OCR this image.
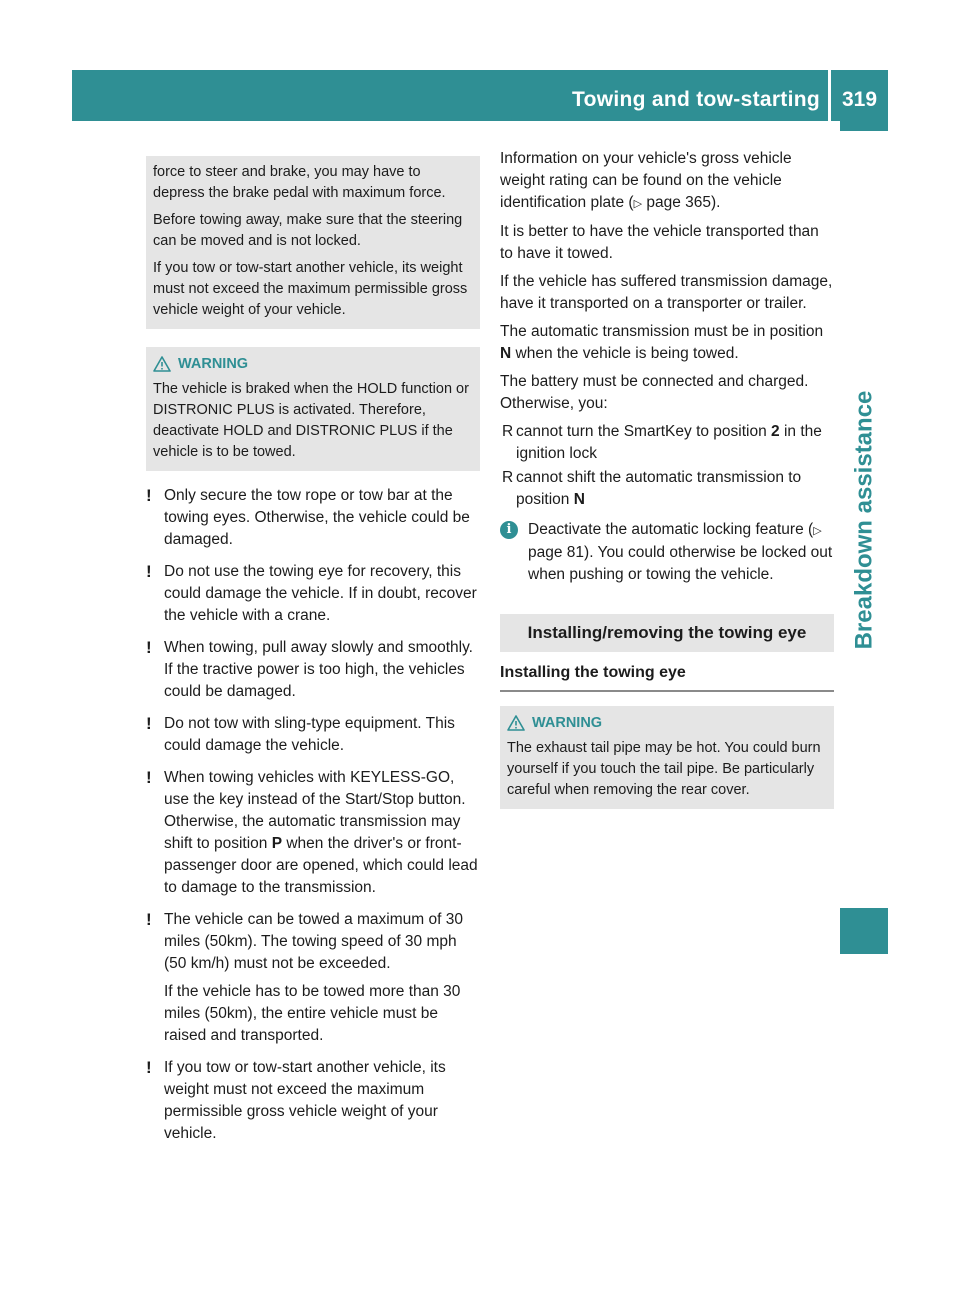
Towing and tow-starting 319
Breakdown assistance

force to steer and brake, you may have to depress the brake pedal with maximum force.

Before towing away, make sure that the steering can be moved and is not locked.

If you tow or tow-start another vehicle, its weight must not exceed the maximum permissible gross vehicle weight of your vehicle.

WARNING

The vehicle is braked when the HOLD function or DISTRONIC PLUS is activated. Therefore, deactivate HOLD and DISTRONIC PLUS if the vehicle is to be towed.

! Only secure the tow rope or tow bar at the towing eyes. Otherwise, the vehicle could be damaged.

! Do not use the towing eye for recovery, this could damage the vehicle. If in doubt, recover the vehicle with a crane.

! When towing, pull away slowly and smoothly. If the tractive power is too high, the vehicles could be damaged.

! Do not tow with sling-type equipment. This could damage the vehicle.

! When towing vehicles with KEYLESS-GO, use the key instead of the Start/Stop button. Otherwise, the automatic transmission may shift to position P when the driver's or front-passenger door are opened, which could lead to damage to the transmission.

! The vehicle can be towed a maximum of 30 miles (50km). The towing speed of 30 mph (50 km/h) must not be exceeded.

If the vehicle has to be towed more than 30 miles (50km), the entire vehicle must be raised and transported.

! If you tow or tow-start another vehicle, its weight must not exceed the maximum permissible gross vehicle weight of your vehicle.

Information on your vehicle's gross vehicle weight rating can be found on the vehicle identification plate (▷ page 365).

It is better to have the vehicle transported than to have it towed.

If the vehicle has suffered transmission damage, have it transported on a transporter or trailer.

The automatic transmission must be in position N when the vehicle is being towed.

The battery must be connected and charged. Otherwise, you:

R cannot turn the SmartKey to position 2 in the ignition lock
R cannot shift the automatic transmission to position N
i	Deactivate the automatic locking feature (▷ page 81). You could otherwise be locked out when pushing or towing the vehicle.
Installing/removing the towing eye
Installing the towing eye
WARNING

The exhaust tail pipe may be hot. You could burn yourself if you touch the tail pipe. Be particularly careful when removing the rear cover.
